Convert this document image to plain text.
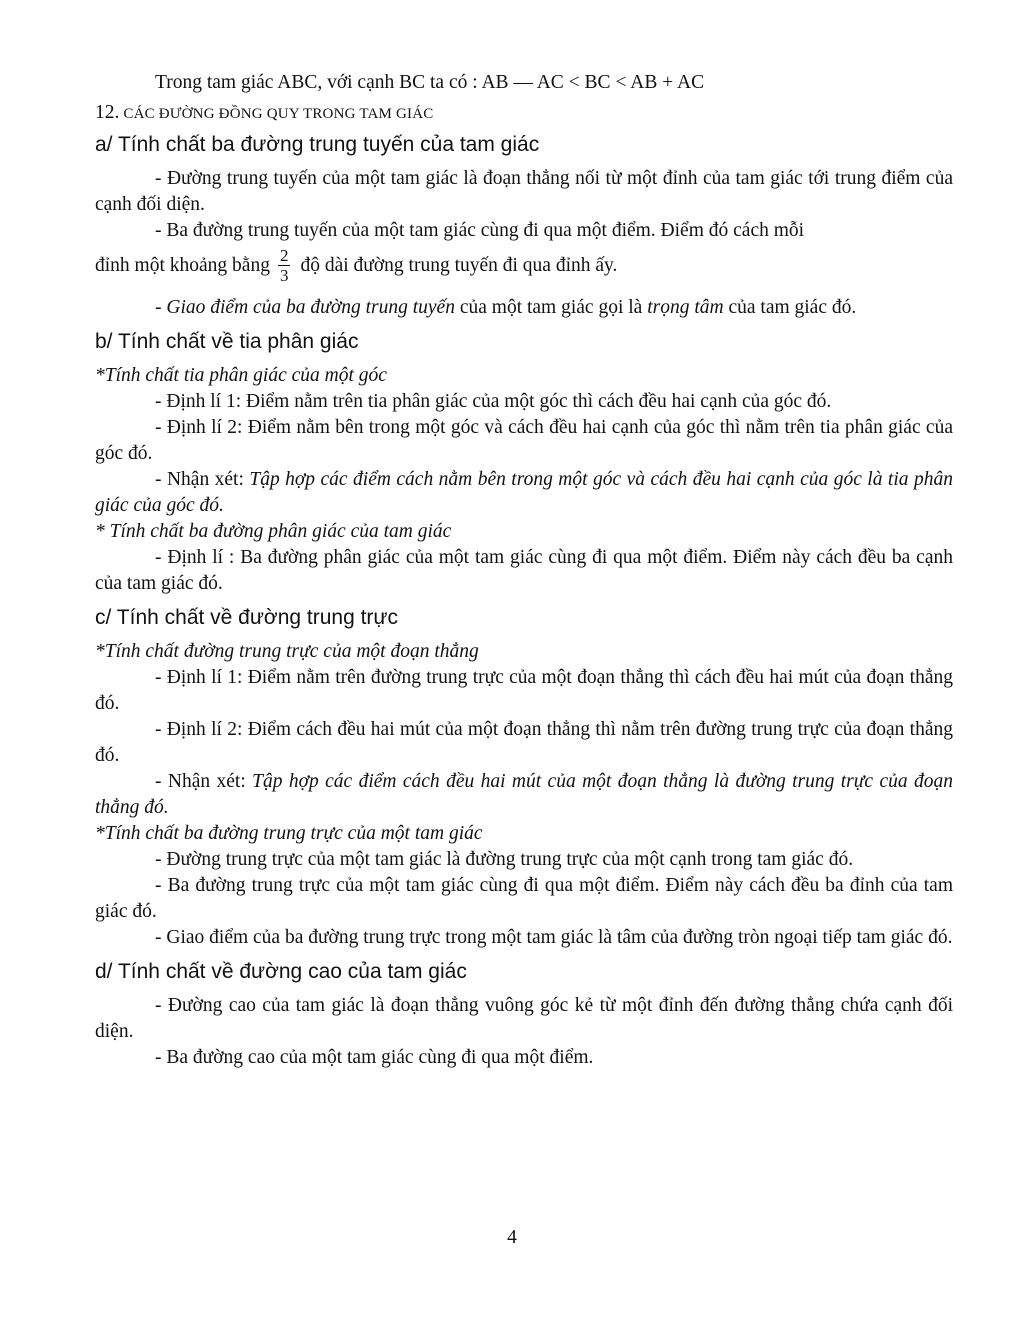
Trong tam giác ABC, với cạnh BC ta có : AB — AC < BC < AB + AC

12. CÁC ĐƯỜNG ĐỒNG QUY TRONG TAM GIÁC
a/ Tính chất ba đường trung tuyến của tam giác

- Đường trung tuyến của một tam giác là đoạn thẳng nối từ một đỉnh của tam giác tới trung điểm của cạnh đối diện.

- Ba đường trung tuyến của một tam giác cùng đi qua một điểm. Điểm đó cách mỗi

đỉnh một khoảng bằng $\frac{2}{3}$ độ dài đường trung tuyến đi qua đỉnh ấy.

- Giao điểm của ba đường trung tuyến của một tam giác gọi là trọng tâm của tam giác đó.

b/ Tính chất về tia phân giác

*Tính chất tia phân giác của một góc

- Định lí 1: Điểm nằm trên tia phân giác của một góc thì cách đều hai cạnh của góc đó.

- Định lí 2: Điểm nằm bên trong một góc và cách đều hai cạnh của góc thì nằm trên tia phân giác của góc đó.

- Nhận xét: Tập hợp các điểm cách nằm bên trong một góc và cách đều hai cạnh của góc là tia phân giác của góc đó.

* Tính chất ba đường phân giác của tam giác

- Định lí : Ba đường phân giác của một tam giác cùng đi qua một điểm. Điểm này cách đều ba cạnh của tam giác đó.

c/ Tính chất về đường trung trực

*Tính chất đường trung trực của một đoạn thẳng

- Định lí 1: Điểm nằm trên đường trung trực của một đoạn thẳng thì cách đều hai mút của đoạn thẳng đó.

- Định lí 2: Điểm cách đều hai mút của một đoạn thẳng thì nằm trên đường trung trực của đoạn thẳng đó.

- Nhận xét: Tập hợp các điểm cách đều hai mút của một đoạn thẳng là đường trung trực của đoạn thẳng đó.

*Tính chất ba đường trung trực của một tam giác

- Đường trung trực của một tam giác là đường trung trực của một cạnh trong tam giác đó.

- Ba đường trung trực của một tam giác cùng đi qua một điểm. Điểm này cách đều ba đỉnh của tam giác đó.

- Giao điểm của ba đường trung trực trong một tam giác là tâm của đường tròn ngoại tiếp tam giác đó.

d/ Tính chất về đường cao của tam giác

- Đường cao của tam giác là đoạn thẳng vuông góc kẻ từ một đỉnh đến đường thẳng chứa cạnh đối diện.

- Ba đường cao của một tam giác cùng đi qua một điểm.

4
